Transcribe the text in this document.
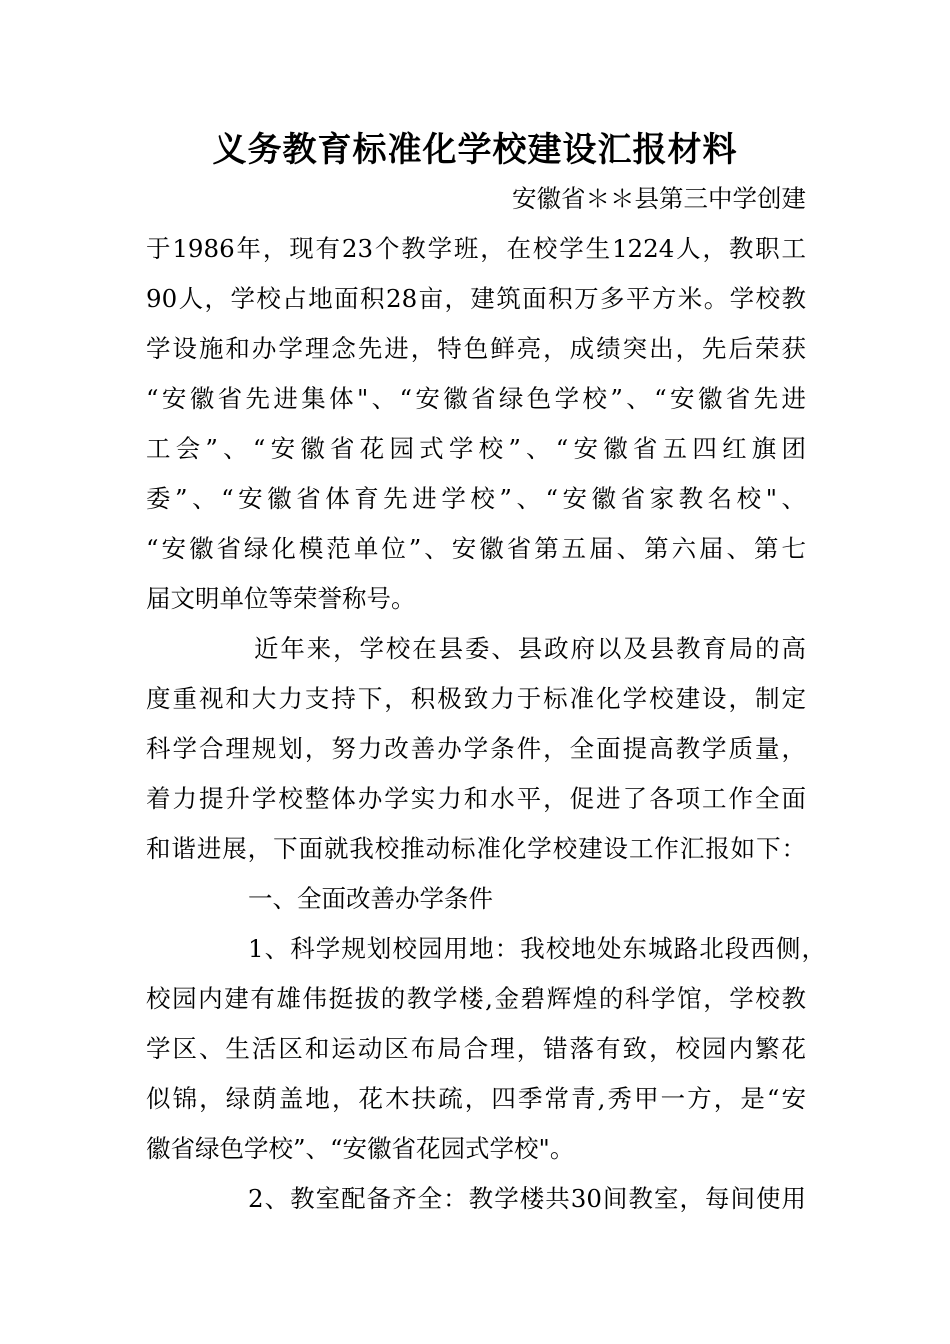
义务教育标准化学校建设汇报材料

安徽省＊＊县第三中学创建

于1986年，现有23个教学班，在校学生1224人，教职工

90人，学校占地面积28亩，建筑面积万多平方米。学校教

学设施和办学理念先进，特色鲜亮，成绩突出，先后荣获

“安徽省先进集体"、“安徽省绿色学校”、“安徽省先进

工会”、“安徽省花园式学校”、“安徽省五四红旗团

委”、“安徽省体育先进学校”、“安徽省家教名校"、

“安徽省绿化模范单位”、安徽省第五届、第六届、第七

届文明单位等荣誉称号。

近年来，学校在县委、县政府以及县教育局的高

度重视和大力支持下，积极致力于标准化学校建设，制定

科学合理规划，努力改善办学条件，全面提高教学质量，

着力提升学校整体办学实力和水平，促进了各项工作全面

和谐进展，下面就我校推动标准化学校建设工作汇报如下：

一、全面改善办学条件

1、科学规划校园用地：我校地处东城路北段西侧，

校园内建有雄伟挺拔的教学楼,金碧辉煌的科学馆，学校教

学区、生活区和运动区布局合理，错落有致，校园内繁花

似锦，绿荫盖地，花木扶疏，四季常青,秀甲一方，是“安

徽省绿色学校”、“安徽省花园式学校"。

2、教室配备齐全：教学楼共30间教室，每间使用
